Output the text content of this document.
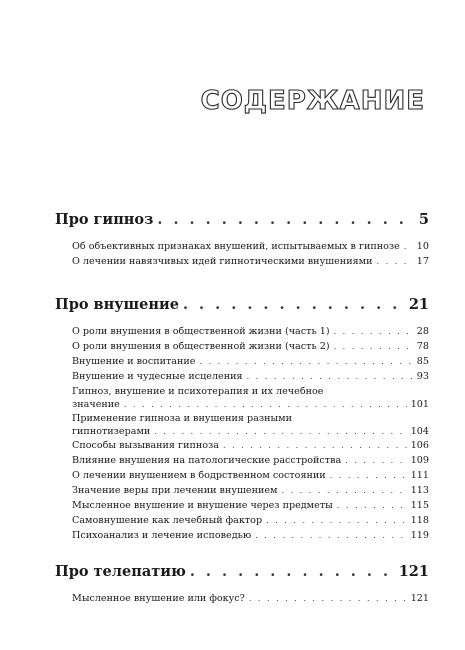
СОДЕРЖАНИЕ
Про гипноз . . .	5
Об объективных признаках внушений, испытываемых в гипнозе . . . 10
О лечении навязчивых идей гипнотическими внушениями . . .	17
Про внушение . . .	21
О роли внушения в общественной жизни (часть 1) . . .	28
О роли внушения в общественной жизни (часть 2) . . .	78
Внушение и воспитание . . .	85
Внушение и чудесные исцеления . . .	93
Гипноз, внушение и психотерапия и их лечебное
значение . . .	101
Применение гипноза и внушения разными
гипнотизерами . . .	104
Способы вызывания гипноза . . .	106
Влияние внушения на патологические расстройства . . .	109
О лечении внушением в бодрственном состоянии . . .	111
Значение веры при лечении внушением . . .	113
Мысленное внушение и внушение через предметы . . .	115
Самовнушение как лечебный фактор . . .	118
Психоанализ и лечение исповедью . . .	119
Про телепатию . . .	121
Мысленное внушение или фокус? . . .	121
